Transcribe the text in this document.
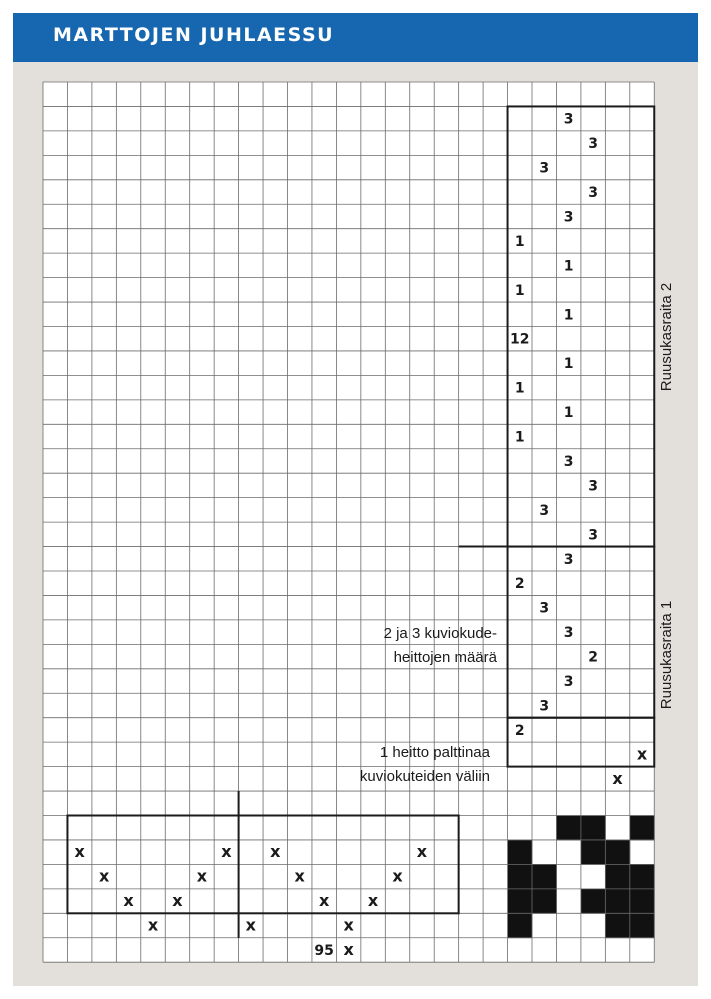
MARTTOJEN JUHLAESSU
3
3
3
3
3
1
1
1
1
12
1
1
1
1
3
3
3
3
3
2
3
3
2
3
3
2
x
x
x	x x	x
x	x	x	x
x x	x x
x	x	x
x
95
2 ja 3 kuviokude-
heittojen määrä
1 heitto palttinaa
kuviokuteiden väliin
Ruusukasraita 2
Ruusukasraita 1
